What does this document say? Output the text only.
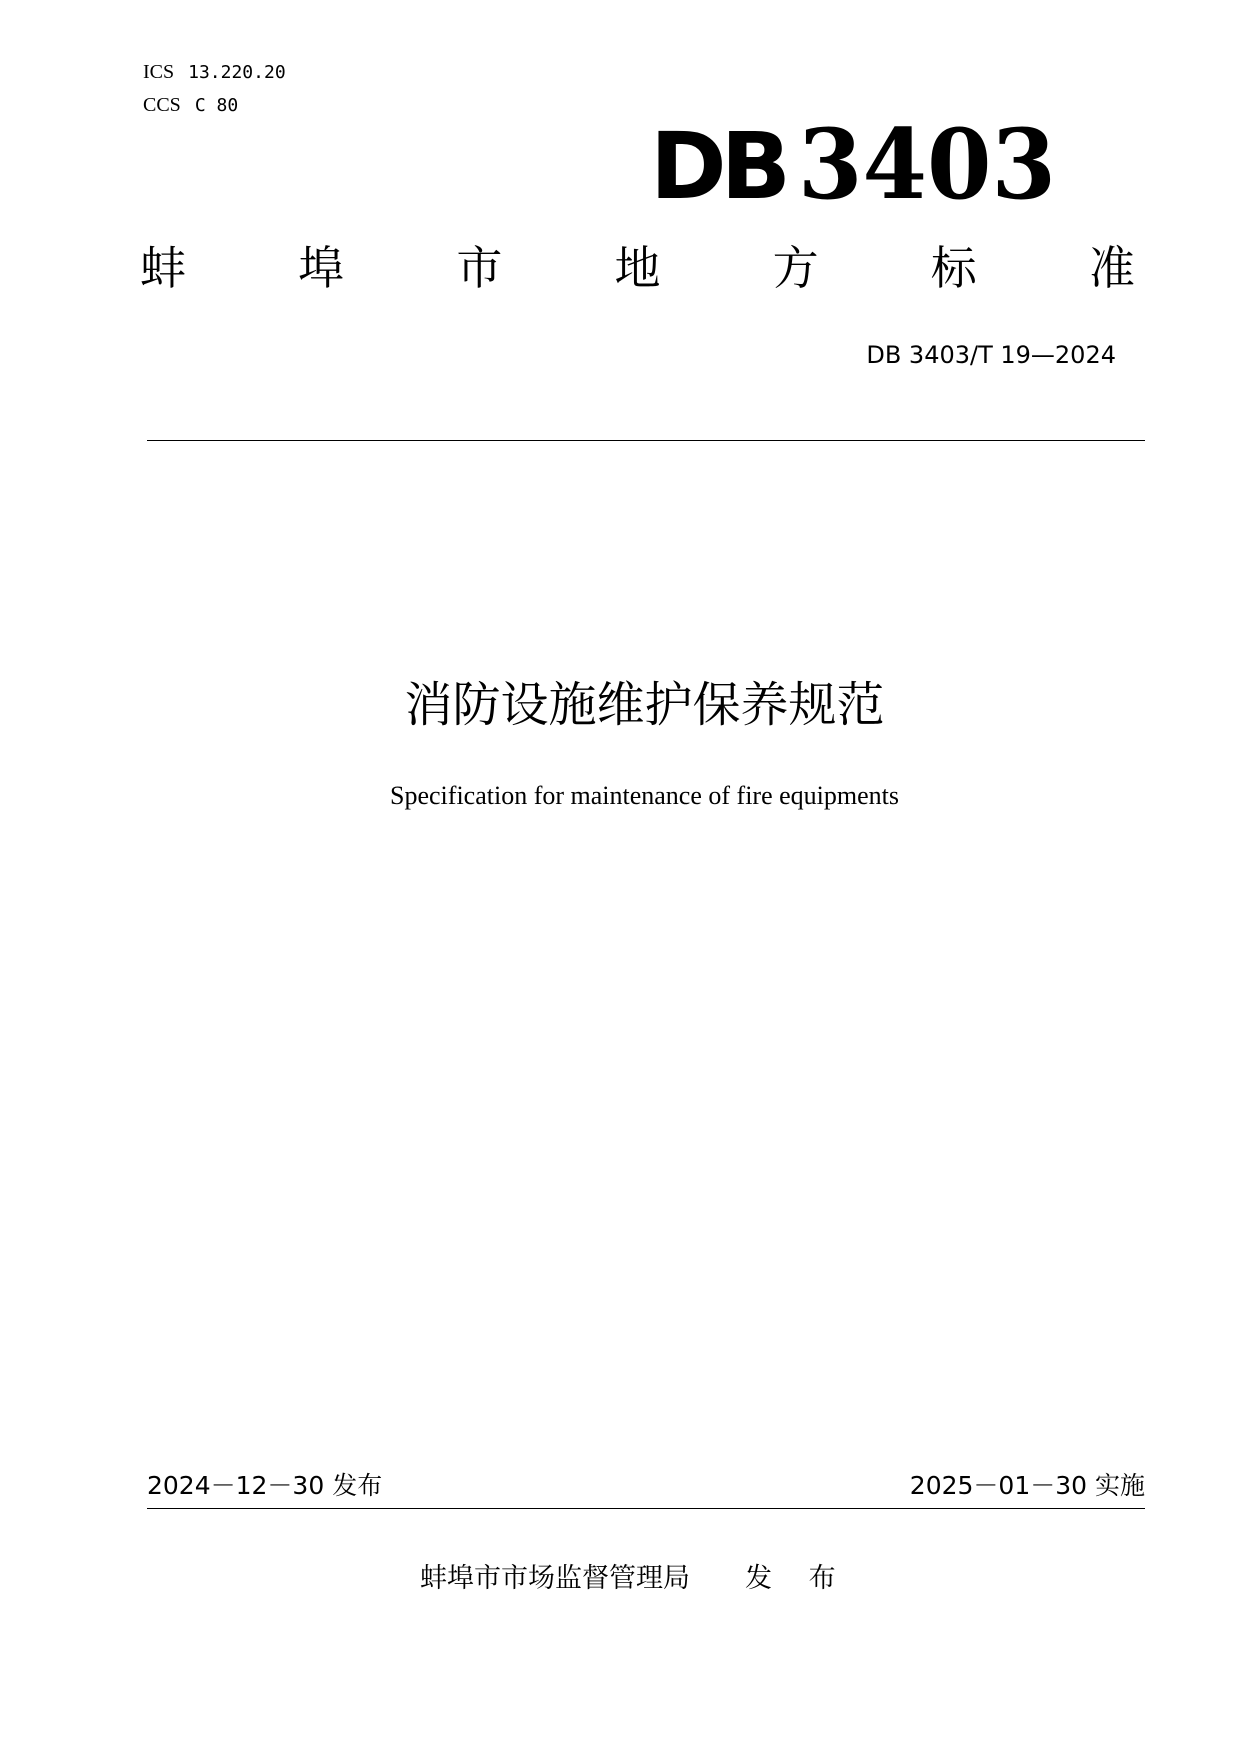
ICS 13.220.20
CCS C 80
DB 3403
蚌 埠 市 地 方 标 准
DB 3403/T 19—2024
消防设施维护保养规范
Specification for maintenance of fire equipments
2024－12－30 发布	2025－01－30 实施
蚌埠市市场监督管理局 发 布
